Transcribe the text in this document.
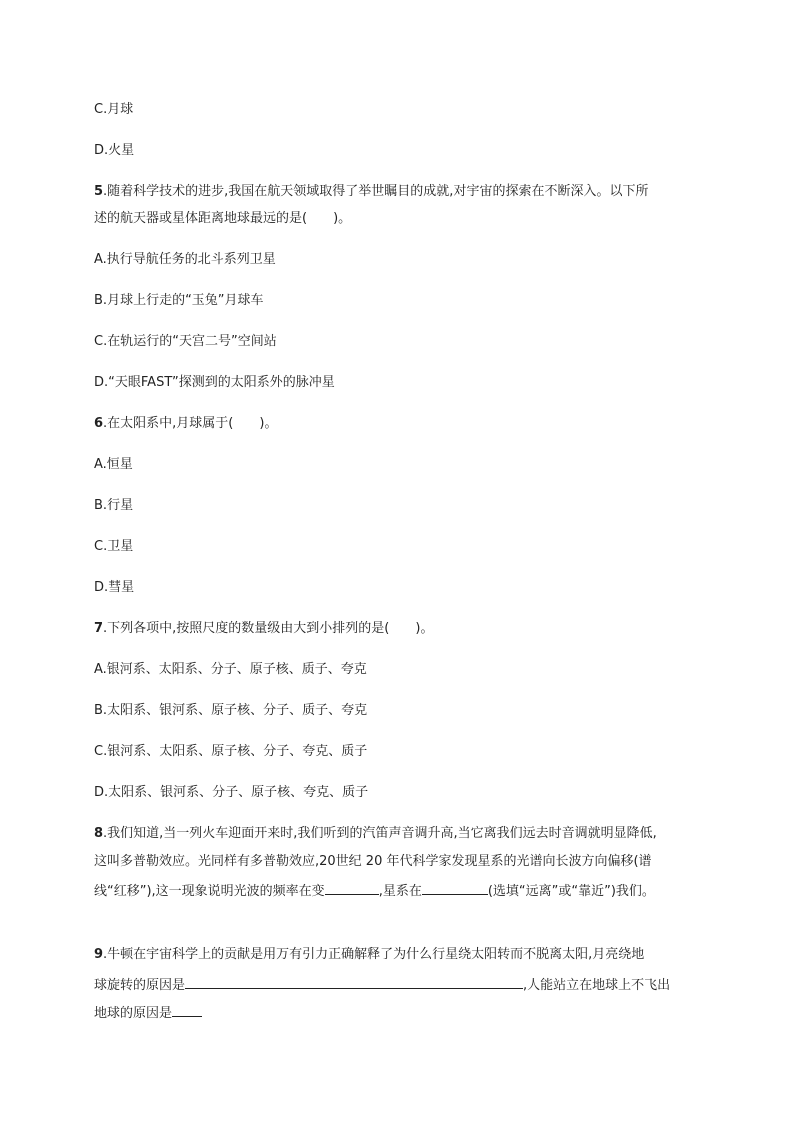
C.月球
D.火星
5.随着科学技术的进步,我国在航天领域取得了举世瞩目的成就,对宇宙的探索在不断深入。以下所
述的航天器或星体距离地球最远的是(　　)。
A.执行导航任务的北斗系列卫星
B.月球上行走的“玉兔”月球车
C.在轨运行的“天宫二号”空间站
D.“天眼FAST”探测到的太阳系外的脉冲星
6.在太阳系中,月球属于(　　)。
A.恒星
B.行星
C.卫星
D.彗星
7.下列各项中,按照尺度的数量级由大到小排列的是(　　)。
A.银河系、太阳系、分子、原子核、质子、夸克
B.太阳系、银河系、原子核、分子、质子、夸克
C.银河系、太阳系、原子核、分子、夸克、质子
D.太阳系、银河系、分子、原子核、夸克、质子
8.我们知道,当一列火车迎面开来时,我们听到的汽笛声音调升高,当它离我们远去时音调就明显降低,
这叫多普勒效应。光同样有多普勒效应,20世纪 20 年代科学家发现星系的光谱向长波方向偏移(谱
线“红移”),这一现象说明光波的频率在变	,星系在	(选填“远离”或“靠近”)我们。
9.牛顿在宇宙科学上的贡献是用万有引力正确解释了为什么行星绕太阳转而不脱离太阳,月亮绕地
球旋转的原因是	,人能站立在地球上不飞出
地球的原因是
